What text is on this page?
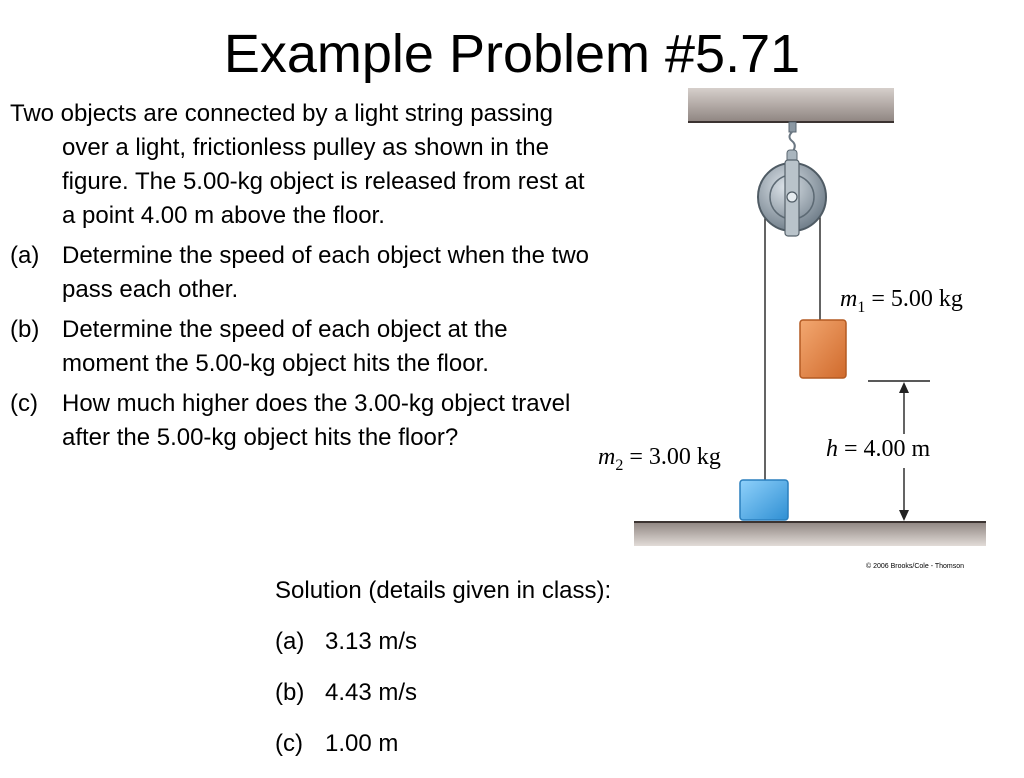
Example Problem #5.71

Two objects are connected by a light string passing over a light, frictionless pulley as shown in the figure. The 5.00-kg object is released from rest at a point 4.00 m above the floor.

(a) Determine the speed of each object when the two pass each other.
(b) Determine the speed of each object at the moment the 5.00-kg object hits the floor.
(c) How much higher does the 3.00-kg object travel after the 5.00-kg object hits the floor?
Solution (details given in class):
(a) 3.13 m/s
(b) 4.43 m/s
(c) 1.00 m
$m_1 = 5.00$ kg
$m_2 = 3.00$ kg	h = 4.00 m
© 2006 Brooks/Cole - Thomson
